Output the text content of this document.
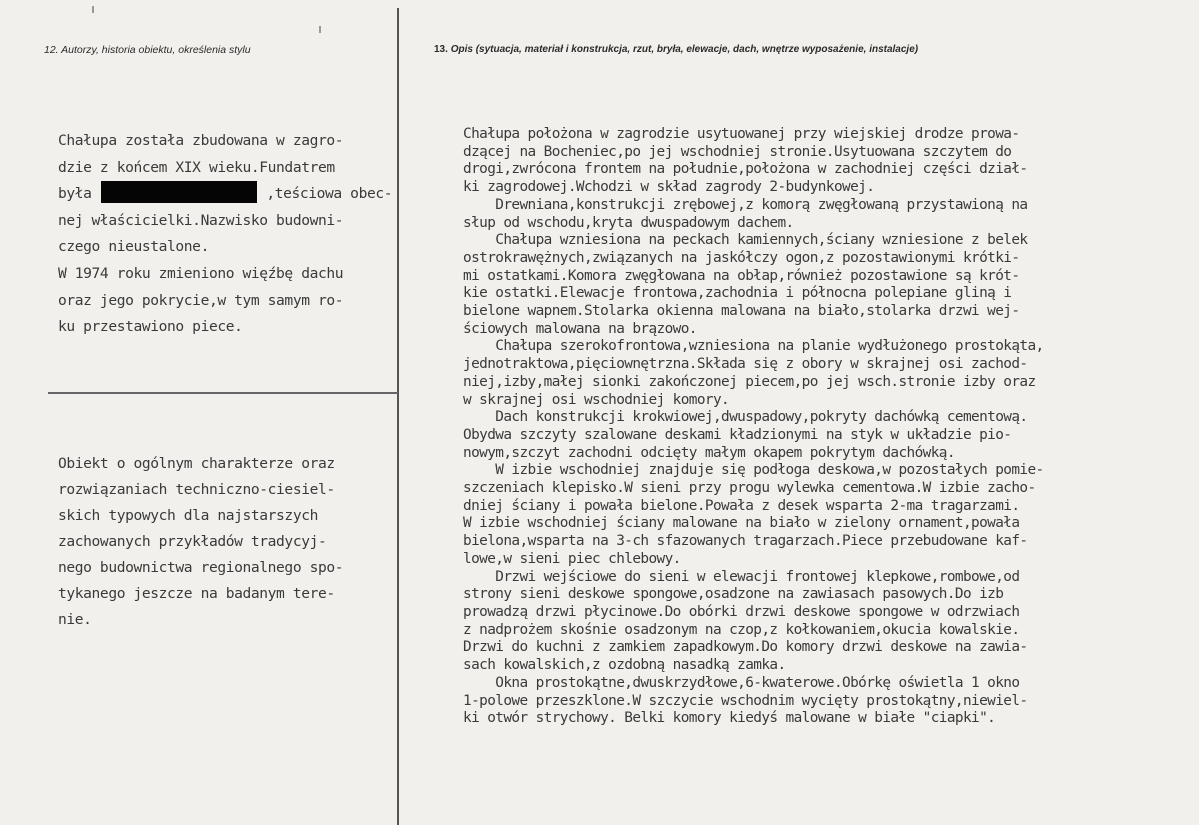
12. Autorzy, historia obiektu, określenia stylu	13. Opis (sytuacja, materiał i konstrukcja, rzut, bryła, elewacje, dach, wnętrze wyposażenie, instalacje)

Chałupa została zbudowana w zagro-
dzie z końcem XIX wieku.Fundatrem
była	,teściowa obec-
nej właścicielki.Nazwisko budowni-
czego nieustalone.
W 1974 roku zmieniono więźbę dachu
oraz jego pokrycie,w tym samym ro-
ku przestawiono piece.
Obiekt o ogólnym charakterze oraz
rozwiązaniach techniczno-ciesiel-
skich typowych dla najstarszych
zachowanych przykładów tradycyj-
nego budownictwa regionalnego spo-
tykanego jeszcze na badanym tere-
nie.
Chałupa położona w zagrodzie usytuowanej przy wiejskiej drodze prowa-
dzącej na Bocheniec,po jej wschodniej stronie.Usytuowana szczytem do
drogi,zwrócona frontem na południe,położona w zachodniej części dział-
ki zagrodowej.Wchodzi w skład zagrody 2-budynkowej.
Drewniana,konstrukcji zrębowej,z komorą zwęgłowaną przystawioną na
słup od wschodu,kryta dwuspadowym dachem.
Chałupa wzniesiona na peckach kamiennych,ściany wzniesione z belek
ostrokrawężnych,związanych na jaskółczy ogon,z pozostawionymi krótki-
mi ostatkami.Komora zwęgłowana na obłap,również pozostawione są krót-
kie ostatki.Elewacje frontowa,zachodnia i północna polepiane gliną i
bielone wapnem.Stolarka okienna malowana na biało,stolarka drzwi wej-
ściowych malowana na brązowo.
Chałupa szerokofrontowa,wzniesiona na planie wydłużonego prostokąta,
jednotraktowa,pięciownętrzna.Składa się z obory w skrajnej osi zachod-
niej,izby,małej sionki zakończonej piecem,po jej wsch.stronie izby oraz
w skrajnej osi wschodniej komory.
Dach konstrukcji krokwiowej,dwuspadowy,pokryty dachówką cementową.
Obydwa szczyty szalowane deskami kładzionymi na styk w układzie pio-
nowym,szczyt zachodni odcięty małym okapem pokrytym dachówką.
W izbie wschodniej znajduje się podłoga deskowa,w pozostałych pomie-
szczeniach klepisko.W sieni przy progu wylewka cementowa.W izbie zacho-
dniej ściany i powała bielone.Powała z desek wsparta 2-ma tragarzami.
W izbie wschodniej ściany malowane na biało w zielony ornament,powała
bielona,wsparta na 3-ch sfazowanych tragarzach.Piece przebudowane kaf-
lowe,w sieni piec chlebowy.
Drzwi wejściowe do sieni w elewacji frontowej klepkowe,rombowe,od
strony sieni deskowe spongowe,osadzone na zawiasach pasowych.Do izb
prowadzą drzwi płycinowe.Do obórki drzwi deskowe spongowe w odrzwiach
z nadprożem skośnie osadzonym na czop,z kołkowaniem,okucia kowalskie.
Drzwi do kuchni z zamkiem zapadkowym.Do komory drzwi deskowe na zawia-
sach kowalskich,z ozdobną nasadką zamka.
Okna prostokątne,dwuskrzydłowe,6-kwaterowe.Obórkę oświetla 1 okno
1-polowe przeszklone.W szczycie wschodnim wycięty prostokątny,niewiel-
ki otwór strychowy. Belki komory kiedyś malowane w białe "ciapki".
